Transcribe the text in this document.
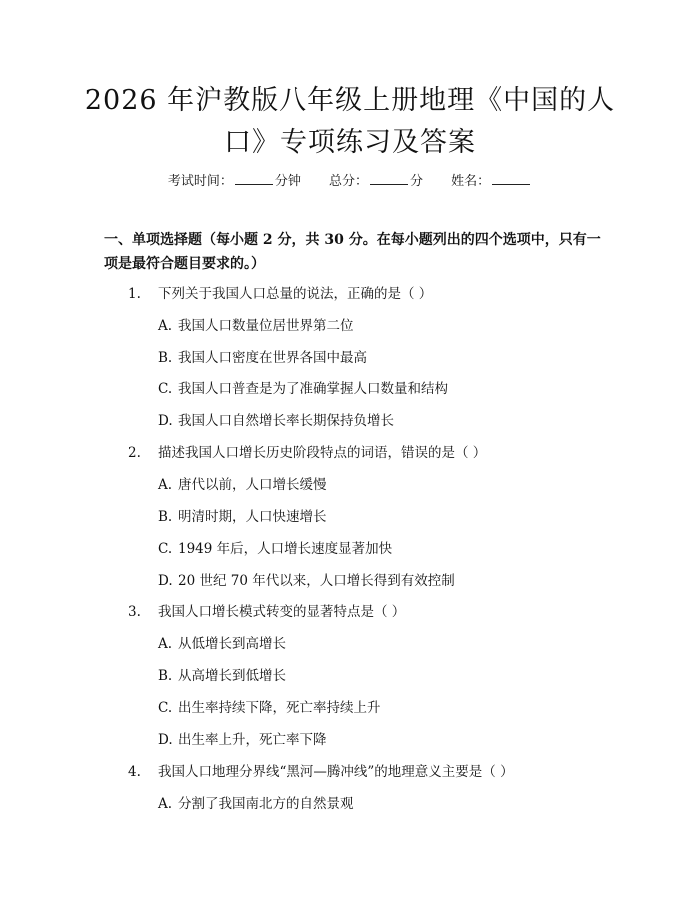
2026 年沪教版八年级上册地理《中国的人
口》专项练习及答案
考试时间：	分钟 总分：	分 姓名：
一、单项选择题（每小题 2 分，共 30 分。在每小题列出的四个选项中，只有一项是最符合题目要求的。）
1. 下列关于我国人口总量的说法，正确的是（ ）
A. 我国人口数量位居世界第二位
B. 我国人口密度在世界各国中最高
C. 我国人口普查是为了准确掌握人口数量和结构
D. 我国人口自然增长率长期保持负增长
2. 描述我国人口增长历史阶段特点的词语，错误的是（ ）
A. 唐代以前，人口增长缓慢
B. 明清时期，人口快速增长
C. 1949 年后，人口增长速度显著加快
D. 20 世纪 70 年代以来，人口增长得到有效控制
3. 我国人口增长模式转变的显著特点是（ ）
A. 从低增长到高增长
B. 从高增长到低增长
C. 出生率持续下降，死亡率持续上升
D. 出生率上升，死亡率下降
4. 我国人口地理分界线“黑河—腾冲线”的地理意义主要是（ ）
A. 分割了我国南北方的自然景观
